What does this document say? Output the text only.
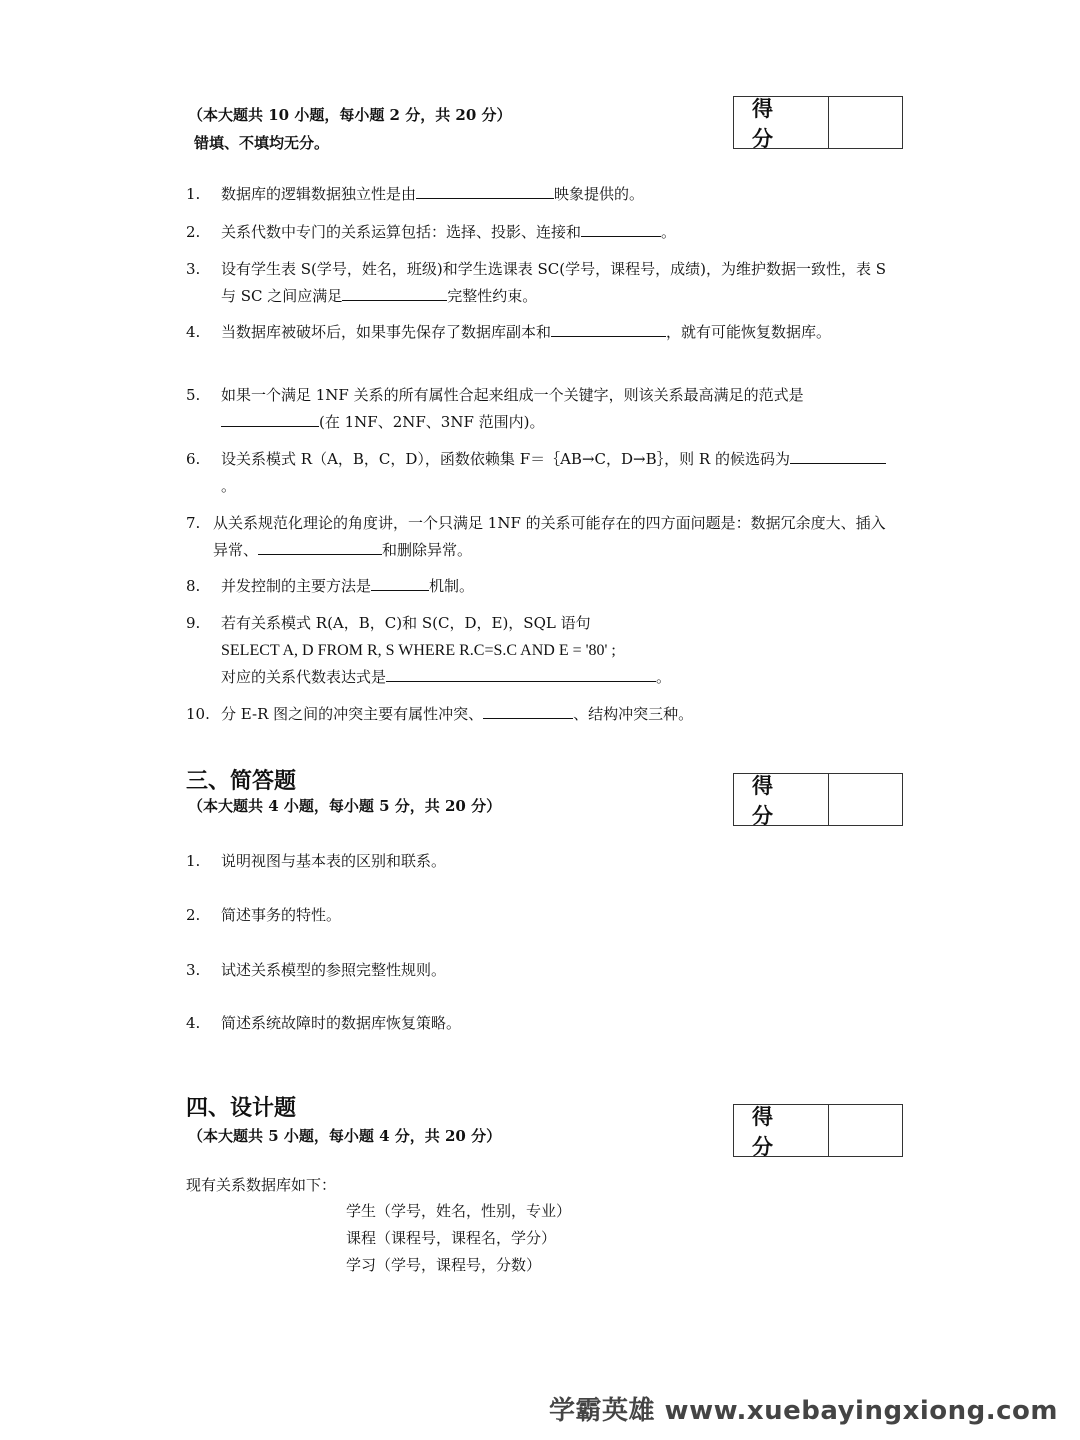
（本大题共 10 小题，每小题 2 分，共 20 分）
错填、不填均无分。
得分
1.	数据库的逻辑数据独立性是由	映象提供的。
2.	关系代数中专门的关系运算包括：选择、投影、连接和	。
3.	设有学生表 S(学号，姓名，班级)和学生选课表 SC(学号，课程号，成绩)，为维护数据一致性，表 S 与 SC 之间应满足	完整性约束。
4.	当数据库被破坏后，如果事先保存了数据库副本和	，就有可能恢复数据库。
5.	如果一个满足 1NF 关系的所有属性合起来组成一个关键字，则该关系最高满足的范式是(在 1NF、2NF、3NF 范围内)。
6.	设关系模式 R（A，B，C，D），函数依赖集 F＝｛AB→C，D→B｝，则 R 的候选码为。
7. 从关系规范化理论的角度讲，一个只满足 1NF 的关系可能存在的四方面问题是：数据冗余度大、插入异常、	和删除异常。
8.	并发控制的主要方法是	机制。
9.	若有关系模式 R(A，B，C)和 S(C，D，E)，SQL 语句
SELECT A, D FROM R, S WHERE R.C=S.C AND E = '80' ;
对应的关系代数表达式是	。
10. 分 E-R 图之间的冲突主要有属性冲突、	、结构冲突三种。
三、简答题
（本大题共 4 小题，每小题 5 分，共 20 分）
得分
1.	说明视图与基本表的区别和联系。
2.	简述事务的特性。
3.	试述关系模型的参照完整性规则。
4.	简述系统故障时的数据库恢复策略。
四、设计题
（本大题共 5 小题，每小题 4 分，共 20 分）
得分
现有关系数据库如下：
学生（学号，姓名，性别，专业）
课程（课程号，课程名，学分）
学习（学号，课程号，分数）
学霸英雄 www.xuebayingxiong.com
